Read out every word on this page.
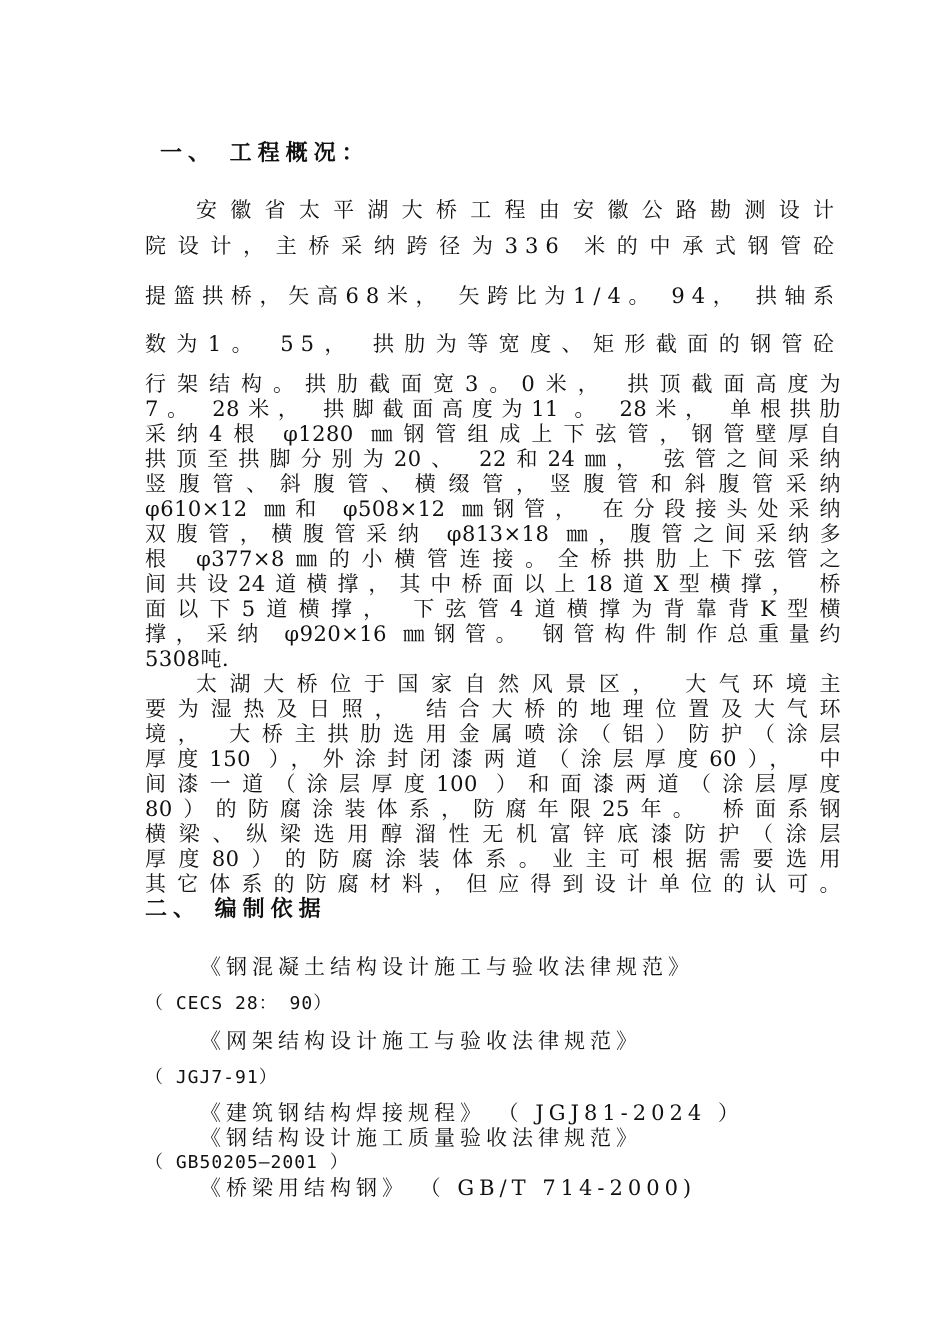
一、 工程概况：
安徽省太平湖大桥工程由安徽公路勘测设计
院设计，主桥采纳跨径为336 米的中承式钢管砼
提篮拱桥，矢高68米， 矢跨比为1/4。 94， 拱轴系
数为1。 55， 拱肋为等宽度、矩形截面的钢管砼
行架结构。拱肋截面宽3。0米， 拱顶截面高度为
7。 28米， 拱脚截面高度为11 。 28米， 单根拱肋
采纳4根 φ1280 ㎜钢管组成上下弦管，钢管壁厚自
拱顶至拱脚分别为20、 22和24㎜， 弦管之间采纳
竖腹管、斜腹管、横缀管，竖腹管和斜腹管采纳
φ610×12 ㎜和 φ508×12 ㎜钢管， 在分段接头处采纳
双腹管，横腹管采纳 φ813×18 ㎜，腹管之间采纳多
根 φ377×8㎜的小横管连接。全桥拱肋上下弦管之
间共设24道横撑，其中桥面以上18道X型横撑， 桥
面以下5道横撑， 下弦管4道横撑为背靠背K型横
撑，采纳 φ920×16 ㎜钢管。 钢管构件制作总重量约
5308吨．
太湖大桥位于国家自然风景区， 大气环境主
要为湿热及日照， 结合大桥的地理位置及大气环
境， 大桥主拱肋选用金属喷涂（铝）防护（涂层
厚度150 ），外涂封闭漆两道（涂层厚度60）， 中
间漆一道（涂层厚度100 ）和面漆两道（涂层厚度
80）的防腐涂装体系，防腐年限25年。 桥面系钢
横梁、纵梁选用醇溜性无机富锌底漆防护（涂层
厚度80）的防腐涂装体系。业主可根据需要选用
其它体系的防腐材料，但应得到设计单位的认可。
二、 编制依据
《钢混凝土结构设计施工与验收法律规范》
（ CECS 28： 90）
《网架结构设计施工与验收法律规范》
（ JGJ7-91）
《建筑钢结构焊接规程》 （ JGJ81-2024 ）
《钢结构设计施工质量验收法律规范》
（ GB50205—2001 ）
《桥梁用结构钢》 （ GB/T 714-2000)
